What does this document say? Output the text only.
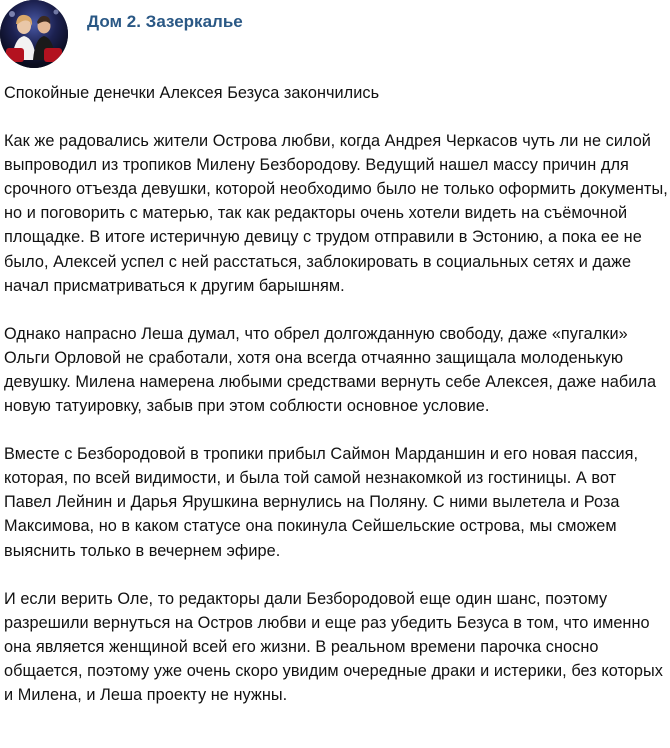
Дом 2. Зазеркалье

Спокойные денечки Алексея Безуса закончились

Как же радовались жители Острова любви, когда Андрея Черкасов чуть ли не силой выпроводил из тропиков Милену Безбородову. Ведущий нашел массу причин для срочного отъезда девушки, которой необходимо было не только оформить документы, но и поговорить с матерью, так как редакторы очень хотели видеть на съёмочной площадке. В итоге истеричную девицу с трудом отправили в Эстонию, а пока ее не было, Алексей успел с ней расстаться, заблокировать в социальных сетях и даже начал присматриваться к другим барышням.

Однако напрасно Леша думал, что обрел долгожданную свободу, даже «пугалки» Ольги Орловой не сработали, хотя она всегда отчаянно защищала молоденькую девушку. Милена намерена любыми средствами вернуть себе Алексея, даже набила новую татуировку, забыв при этом соблюсти основное условие.

Вместе с Безбородовой в тропики прибыл Саймон Марданшин и его новая пассия, которая, по всей видимости, и была той самой незнакомкой из гостиницы. А вот Павел Лейнин и Дарья Ярушкина вернулись на Поляну. С ними вылетела и Роза Максимова, но в каком статусе она покинула Сейшельские острова, мы сможем выяснить только в вечернем эфире.

И если верить Оле, то редакторы дали Безбородовой еще один шанс, поэтому разрешили вернуться на Остров любви и еще раз убедить Безуса в том, что именно она является женщиной всей его жизни. В реальном времени парочка сносно общается, поэтому уже очень скоро увидим очередные драки и истерики, без которых и Милена, и Леша проекту не нужны.
